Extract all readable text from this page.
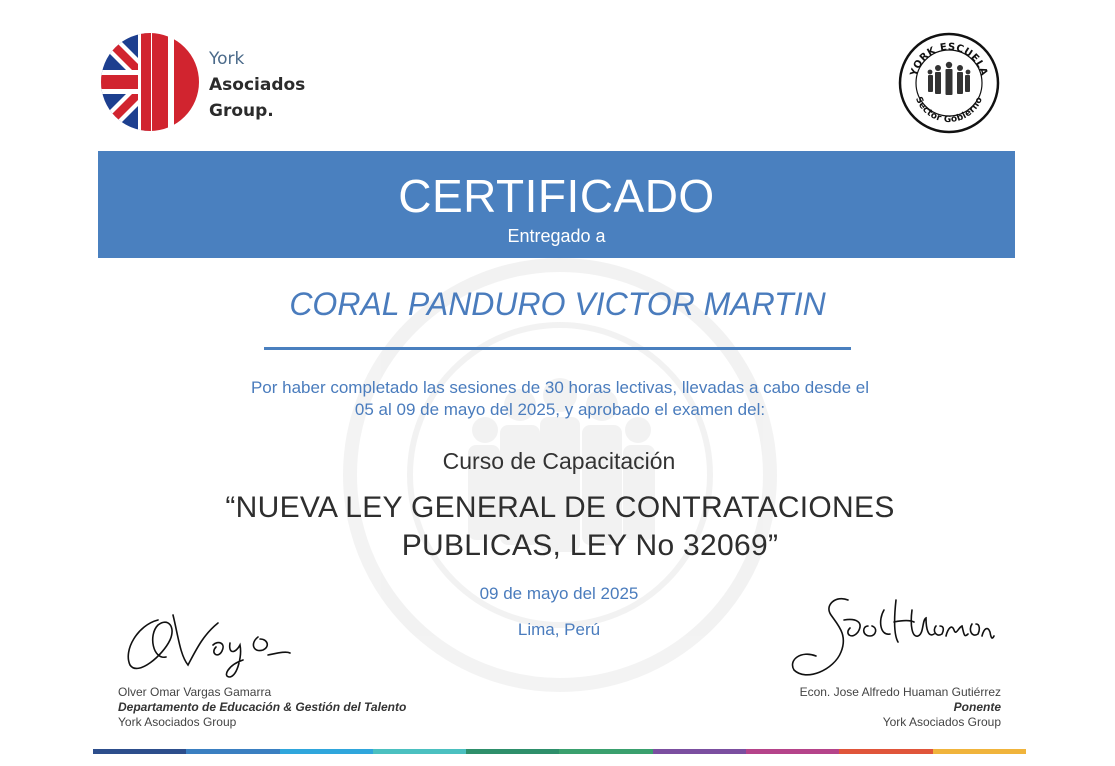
York
Asociados
Group.
YORK ESCUELA
Sector Gobierno
CERTIFICADO
Entregado a
CORAL PANDURO VICTOR MARTIN
Por haber completado las sesiones de 30 horas lectivas, llevadas a cabo desde el
05 al 09 de mayo del 2025, y aprobado el examen del:
Curso de Capacitación
“NUEVA LEY GENERAL DE CONTRATACIONES
PUBLICAS, LEY No 32069”
09 de mayo del 2025
Lima, Perú
Olver Omar Vargas Gamarra
Departamento de Educación & Gestión del Talento
York Asociados Group
Econ. Jose Alfredo Huaman Gutiérrez
Ponente
York Asociados Group
